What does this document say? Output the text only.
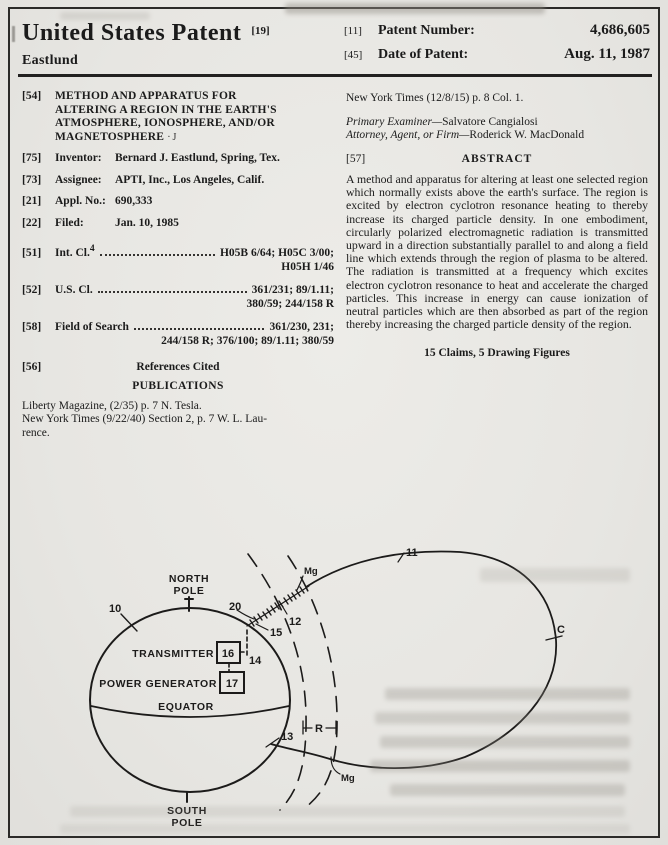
United States Patent [19]
Eastlund
[11]	Patent Number:	4,686,605
[45]	Date of Patent:	Aug. 11, 1987
[54]	METHOD AND APPARATUS FOR
ALTERING A REGION IN THE EARTH'S
ATMOSPHERE, IONOSPHERE, AND/OR
MAGNETOSPHERE ·J
[75]	Inventor:	Bernard J. Eastlund, Spring, Tex.
[73]	Assignee:	APTI, Inc., Los Angeles, Calif.
[21]	Appl. No.: 690,333
[22]	Filed:	Jan. 10, 1985
[51]	Int. Cl.$^4$	H05B 6/64; H05C 3/00;
H05H 1/46
[52]	U.S. Cl.	361/231; 89/1.11;
380/59; 244/158 R
[58]	Field of Search	361/230, 231;
244/158 R; 376/100; 89/1.11; 380/59
[56]	References Cited
PUBLICATIONS
Liberty Magazine, (2/35) p. 7 N. Tesla.
New York Times (9/22/40) Section 2, p. 7 W. L. Lau-
rence.
New York Times (12/8/15) p. 8 Col. 1.
Primary Examiner—Salvatore Cangialosi
Attorney, Agent, or Firm—Roderick W. MacDonald
[57]	ABSTRACT

A method and apparatus for altering at least one selected region which normally exists above the earth's surface. The region is excited by electron cyclotron resonance heating to thereby increase its charged particle density. In one embodiment, circularly polarized electromagnetic radiation is transmitted upward in a direction substantially parallel to and along a field line which extends through the region of plasma to be altered. The radiation is transmitted at a frequency which excites electron cyclotron resonance to heat and accelerate the charged particles. This increase in energy can cause ionization of neutral particles which are then absorbed as part of the region thereby increasing the charged particle density of the region.

15 Claims, 5 Drawing Figures
NORTH
POLE
SOUTH
POLE
EQUATOR
TRANSMITTER
POWER GENERATOR
16
17
10
11
12
13
14
15
20
R
C
Mg
Mg
